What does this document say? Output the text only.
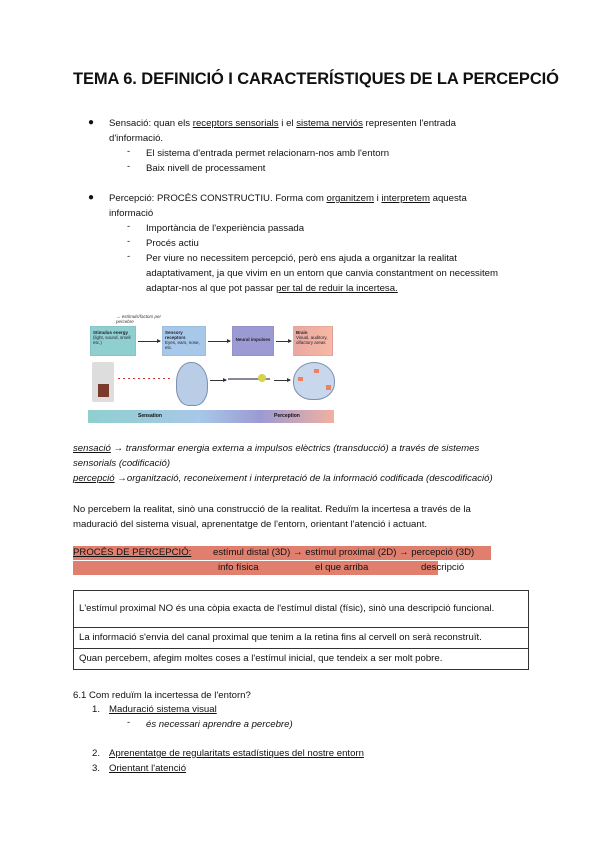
TEMA 6. DEFINICIÓ I CARACTERÍSTIQUES DE LA PERCEPCIÓ
● Sensació: quan els receptors sensorials i el sistema nerviós representen l'entrada
d'informació.
- El sistema d'entrada permet relacionarn-nos amb l'entorn
- Baix nivell de processament
● Percepció: PROCÉS CONSTRUCTIU. Forma com organitzem i interpretem aquesta
informació
- Importància de l'experiència passada
- Procés actiu
- Per viure no necessitem percepció, però ens ajuda a organitzar la realitat
adaptativament, ja que vivim en un entorn que canvia constantment on necessitem
adaptar-nos al que pot passar per tal de reduir la incertesa.
→ estímuls/factors per percebre
Stimulus energy
(light, sound, smell etc.)
Sensory receptors
Eyes, ears, nose, etc.
Neural impulses
Brain
Visual, auditory, olfactory areas
Sensation	Perception
sensació → transformar energia externa a impulsos elèctrics (transducció) a través de sistemes
sensorials (codificació)
percepció →organització, reconeixement i interpretació de la informació codificada (descodificació)
No percebem la realitat, sinò una construcció de la realitat. Reduïm la incertesa a través de la
maduració del sistema visual, aprenentatge de l'entorn, orientant l'atenció i actuant.
PROCÉS DE PERCEPCIÓ: estímul distal (3D) → estímul proximal (2D) → percepció (3D)
info física	el que arriba	descripció
L'estímul proximal NO és una còpia exacta de l'estímul distal (físic), sinò una descripció funcional.
La informació s'envia del canal proximal que tenim a la retina fins al cervell on serà reconstruït.
Quan percebem, afegim moltes coses a l'estímul inicial, que tendeix a ser molt pobre.
6.1 Com reduïm la incertessa de l'entorn?
1. Maduració sistema visual
- és necessari aprendre a percebre)
2. Aprenentatge de regularitats estadístiques del nostre entorn
3. Orientant l'atenció
